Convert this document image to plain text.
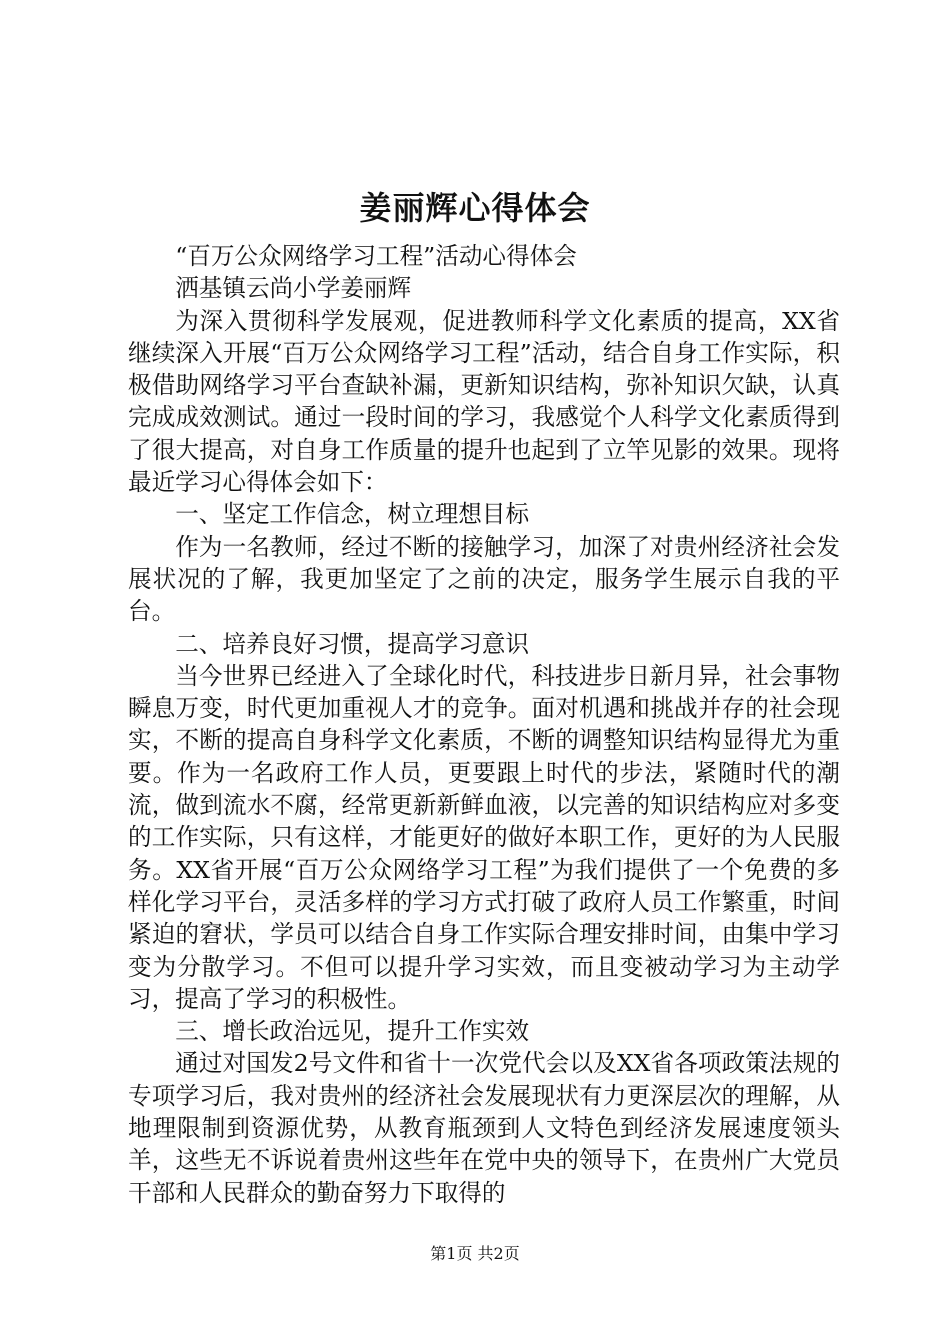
姜丽辉心得体会

“百万公众网络学习工程”活动心得体会

洒基镇云尚小学姜丽辉

为深入贯彻科学发展观，促进教师科学文化素质的提高，XX省继续深入开展“百万公众网络学习工程”活动，结合自身工作实际，积极借助网络学习平台查缺补漏，更新知识结构，弥补知识欠缺，认真完成成效测试。通过一段时间的学习，我感觉个人科学文化素质得到了很大提高，对自身工作质量的提升也起到了立竿见影的效果。现将最近学习心得体会如下：

一、坚定工作信念，树立理想目标

作为一名教师，经过不断的接触学习，加深了对贵州经济社会发展状况的了解，我更加坚定了之前的决定，服务学生展示自我的平台。

二、培养良好习惯，提高学习意识

当今世界已经进入了全球化时代，科技进步日新月异，社会事物瞬息万变，时代更加重视人才的竞争。面对机遇和挑战并存的社会现实，不断的提高自身科学文化素质，不断的调整知识结构显得尤为重要。作为一名政府工作人员，更要跟上时代的步法，紧随时代的潮流，做到流水不腐，经常更新新鲜血液，以完善的知识结构应对多变的工作实际，只有这样，才能更好的做好本职工作，更好的为人民服务。XX省开展“百万公众网络学习工程”为我们提供了一个免费的多样化学习平台，灵活多样的学习方式打破了政府人员工作繁重，时间紧迫的窘状，学员可以结合自身工作实际合理安排时间，由集中学习变为分散学习。不但可以提升学习实效，而且变被动学习为主动学习，提高了学习的积极性。

三、增长政治远见，提升工作实效

通过对国发2号文件和省十一次党代会以及XX省各项政策法规的专项学习后，我对贵州的经济社会发展现状有力更深层次的理解，从地理限制到资源优势，从教育瓶颈到人文特色到经济发展速度领头羊，这些无不诉说着贵州这些年在党中央的领导下，在贵州广大党员干部和人民群众的勤奋努力下取得的

第1页 共2页
